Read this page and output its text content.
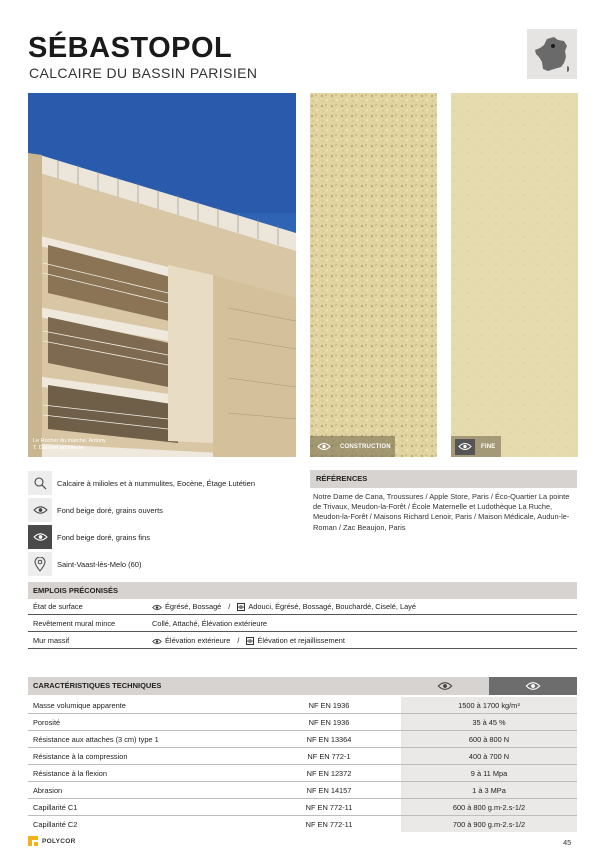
SÉBASTOPOL
CALCAIRE DU BASSIN PARISIEN
Le Rocher du marché, Antony
T. Darmon architecte	CONSTRUCTION	FINE
Calcaire à milioles et à nummulites, Eocène, Étage Lutétien
Fond beige doré, grains ouverts
Fond beige doré, grains fins
Saint-Vaast-lès-Melo (60)
RÉFÉRENCES
Notre Dame de Cana, Troussures / Apple Store, Paris / Éco-Quartier La pointe de Trivaux, Meudon-la-Forêt / École Maternelle et Ludothèque La Ruche, Meudon-la-Forêt / Maisons Richard Lenoir, Paris / Maison Médicale, Audun-le-Roman / Zac Beaujon, Paris
EMPLOIS PRÉCONISÉS
État de surface	Égrésé, Bossagé / Adouci, Égrésé, Bossagé, Bouchardé, Ciselé, Layé
Revêtement mural mince	Collé, Attaché, Élévation extérieure
Mur massif	Élévation extérieure / Élévation et rejaillissement
CARACTÉRISTIQUES TECHNIQUES
Masse volumique apparente	NF EN 1936	1500 à 1700 kg/m³
Porosité	NF EN 1936	35 à 45 %
Résistance aux attaches (3 cm) type 1	NF EN 13364	600 à 800 N
Résistance à la compression	NF EN 772-1	400 à 700 N
Résistance à la flexion	NF EN 12372	9 à 11 Mpa
Abrasion	NF EN 14157	1 à 3 MPa
Capillarité C1	NF EN 772-11	600 à 800 g.m-2.s-1/2
Capillarité C2	NF EN 772-11	700 à 900 g.m-2.s-1/2
POLYCOR	45
